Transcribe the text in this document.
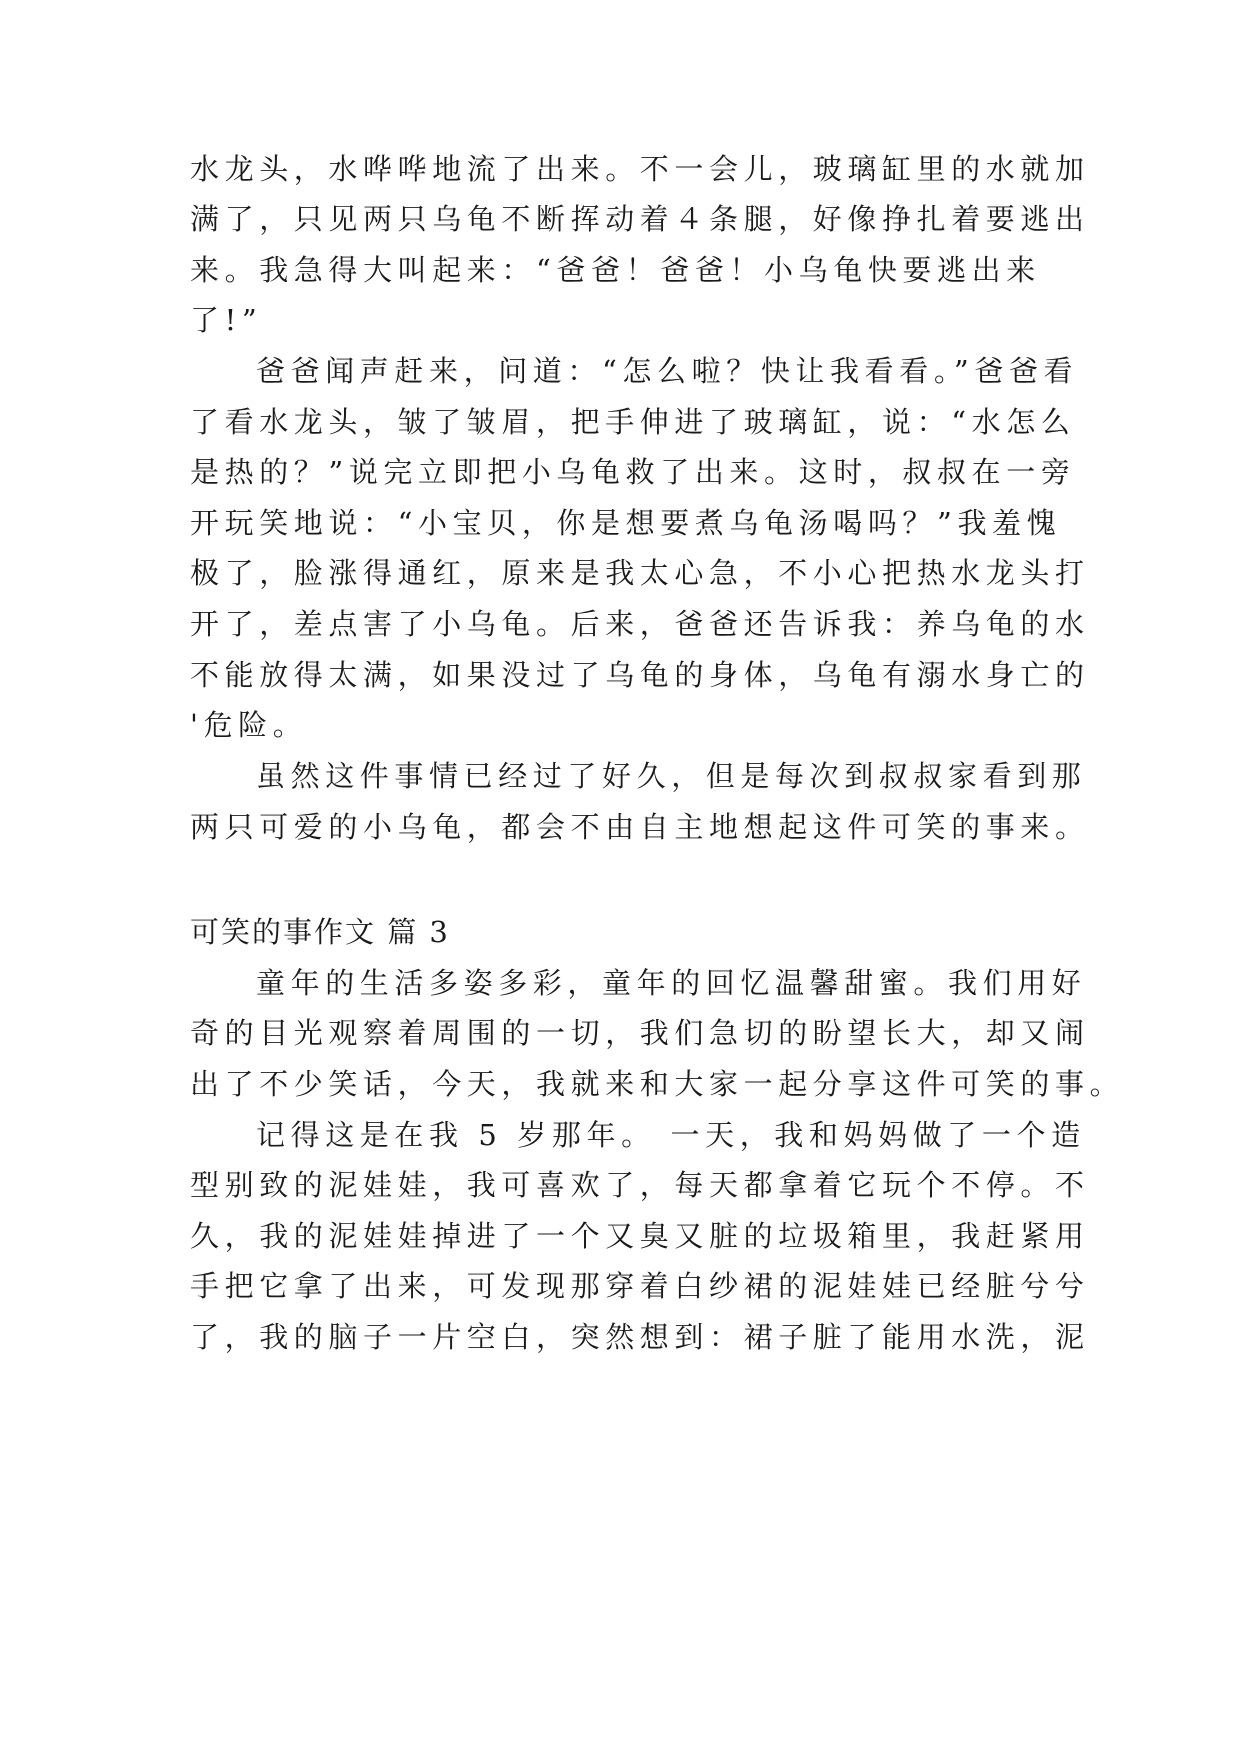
水龙头，水哗哗地流了出来。不一会儿，玻璃缸里的水就加
满了，只见两只乌龟不断挥动着４条腿，好像挣扎着要逃出
来。我急得大叫起来：“爸爸！爸爸！小乌龟快要逃出来
了!”
爸爸闻声赶来，问道：“怎么啦？快让我看看。”爸爸看
了看水龙头，皱了皱眉，把手伸进了玻璃缸，说：“水怎么
是热的？”说完立即把小乌龟救了出来。这时，叔叔在一旁
开玩笑地说：“小宝贝，你是想要煮乌龟汤喝吗？”我羞愧
极了，脸涨得通红，原来是我太心急，不小心把热水龙头打
开了，差点害了小乌龟。后来，爸爸还告诉我：养乌龟的水
不能放得太满，如果没过了乌龟的身体，乌龟有溺水身亡的
'危险。
虽然这件事情已经过了好久，但是每次到叔叔家看到那
两只可爱的小乌龟，都会不由自主地想起这件可笑的事来。
可笑的事作文 篇 3
童年的生活多姿多彩，童年的回忆温馨甜蜜。我们用好
奇的目光观察着周围的一切，我们急切的盼望长大，却又闹
出了不少笑话，今天，我就来和大家一起分享这件可笑的事。
记得这是在我 5 岁那年。 一天，我和妈妈做了一个造
型别致的泥娃娃，我可喜欢了，每天都拿着它玩个不停。不
久，我的泥娃娃掉进了一个又臭又脏的垃圾箱里，我赶紧用
手把它拿了出来，可发现那穿着白纱裙的泥娃娃已经脏兮兮
了，我的脑子一片空白，突然想到：裙子脏了能用水洗，泥
